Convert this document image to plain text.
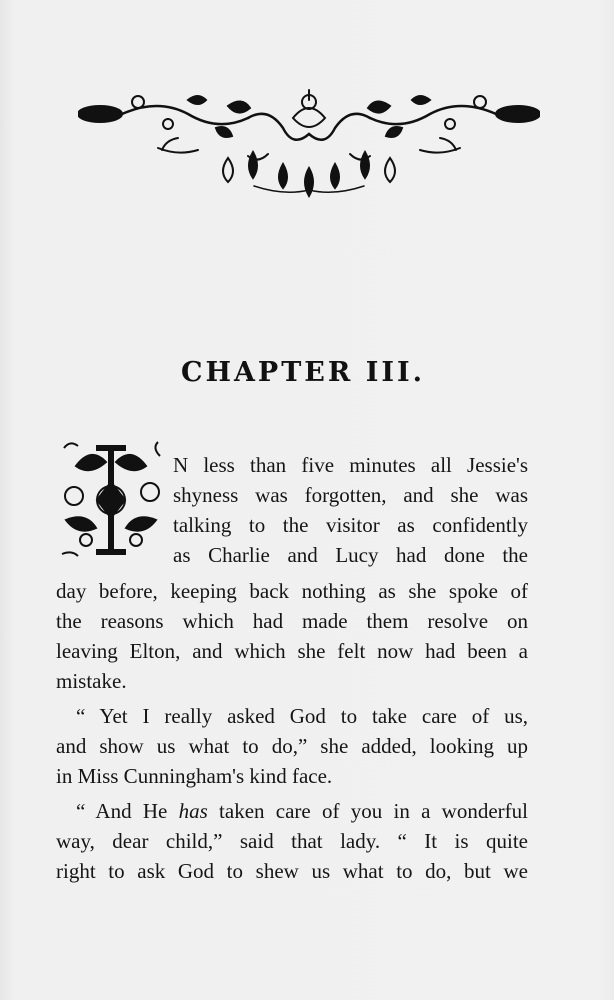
CHAPTER III.
N less than five minutes all Jessie's
shyness was forgotten, and she was
talking to the visitor as confidently
as Charlie and Lucy had done the
day before, keeping back nothing as she spoke of
the reasons which had made them resolve on
leaving Elton, and which she felt now had been a
mistake.
“ Yet I really asked God to take care of us,
and show us what to do,” she added, looking up
in Miss Cunningham's kind face.
“ And He has taken care of you in a wonderful
way, dear child,” said that lady. “ It is quite
right to ask God to shew us what to do, but we
